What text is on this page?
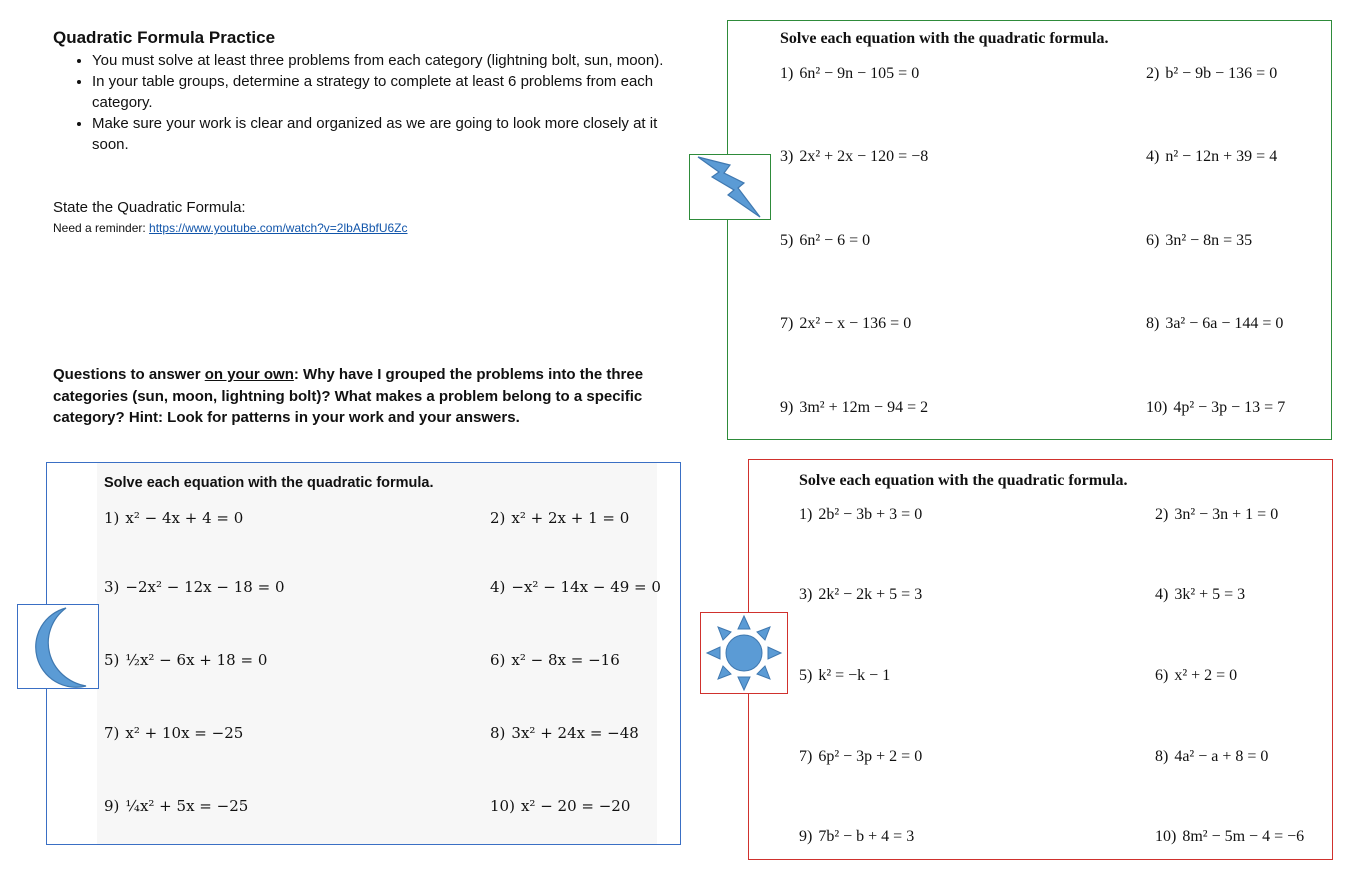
Quadratic Formula Practice
• You must solve at least three problems from each category (lightning bolt, sun, moon).
• In your table groups, determine a strategy to complete at least 6 problems from each category.
• Make sure your work is clear and organized as we are going to look more closely at it soon.
State the Quadratic Formula:
Need a reminder: https://www.youtube.com/watch?v=2lbABbfU6Zc
Questions to answer on your own: Why have I grouped the problems into the three categories (sun, moon, lightning bolt)? What makes a problem belong to a specific category? Hint: Look for patterns in your work and your answers.
Solve each equation with the quadratic formula.
1) 6n² − 9n − 105 = 0	2) b² − 9b − 136 = 0
3) 2x² + 2x − 120 = −8	4) n² − 12n + 39 = 4
5) 6n² − 6 = 0	6) 3n² − 8n = 35
7) 2x² − x − 136 = 0	8) 3a² − 6a − 144 = 0
9) 3m² + 12m − 94 = 2	10) 4p² − 3p − 13 = 7
Solve each equation with the quadratic formula.
1) x² − 4x + 4 = 0	2) x² + 2x + 1 = 0
3) −2x² − 12x − 18 = 0	4) −x² − 14x − 49 = 0
5) ½x² − 6x + 18 = 0	6) x² − 8x = −16
7) x² + 10x = −25	8) 3x² + 24x = −48
9) ¼x² + 5x = −25	10) x² − 20 = −20
Solve each equation with the quadratic formula.
1) 2b² − 3b + 3 = 0	2) 3n² − 3n + 1 = 0
3) 2k² − 2k + 5 = 3	4) 3k² + 5 = 3
5) k² = −k − 1	6) x² + 2 = 0
7) 6p² − 3p + 2 = 0	8) 4a² − a + 8 = 0
9) 7b² − b + 4 = 3	10) 8m² − 5m − 4 = −6
